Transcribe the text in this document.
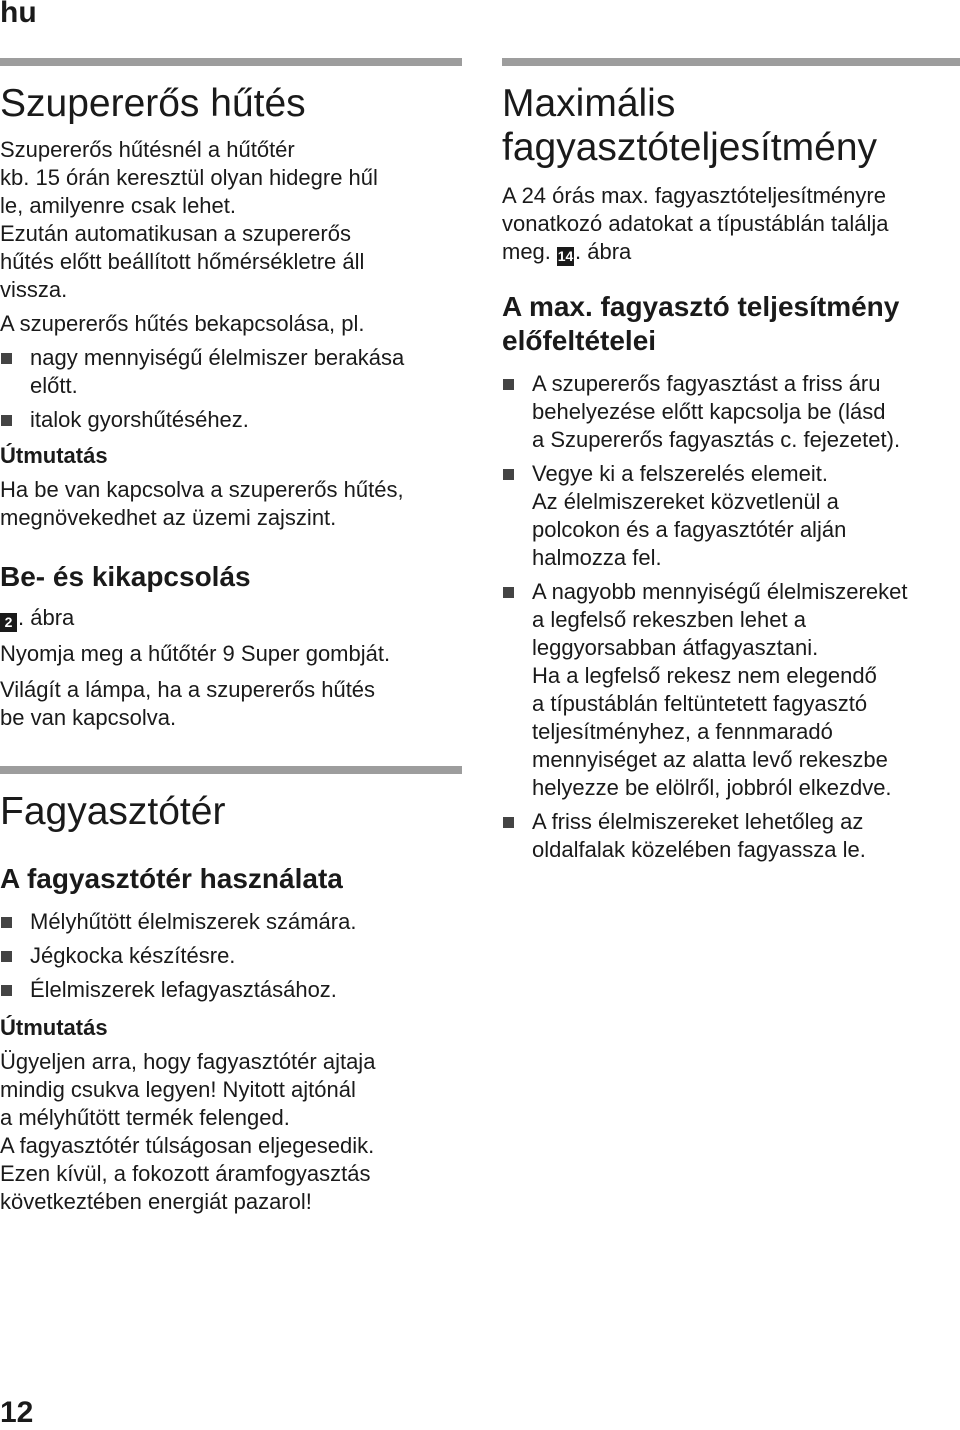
hu
Szupererős hűtés

Szupererős hűtésnél a hűtőtér
kb. 15 órán keresztül olyan hidegre hűl
le, amilyenre csak lehet.
Ezután automatikusan a szupererős
hűtés előtt beállított hőmérsékletre áll
vissza.

A szupererős hűtés bekapcsolása, pl.

nagy mennyiségű élelmiszer berakása
előtt.
italok gyorshűtéséhez.
Útmutatás

Ha be van kapcsolva a szupererős hűtés,
megnövekedhet az üzemi zajszint.

Be- és kikapcsolás

2 . ábra

Nyomja meg a hűtőtér 9 Super gombját.

Világít a lámpa, ha a szupererős hűtés
be van kapcsolva.

Fagyasztótér
A fagyasztótér használata
Mélyhűtött élelmiszerek számára.
Jégkocka készítésre.
Élelmiszerek lefagyasztásához.
Útmutatás

Ügyeljen arra, hogy fagyasztótér ajtaja
mindig csukva legyen! Nyitott ajtónál
a mélyhűtött termék felenged.
A fagyasztótér túlságosan eljegesedik.
Ezen kívül, a fokozott áramfogyasztás
következtében energiát pazarol!

Maximális
fagyasztóteljesítmény

A 24 órás max. fagyasztóteljesítményre
vonatkozó adatokat a típustáblán találja
meg. 14. ábra

A max. fagyasztó teljesítmény
előfeltételei
A szupererős fagyasztást a friss áru
behelyezése előtt kapcsolja be (lásd
a Szupererős fagyasztás c. fejezetet).
Vegye ki a felszerelés elemeit.
Az élelmiszereket közvetlenül a
polcokon és a fagyasztótér alján
halmozza fel.
A nagyobb mennyiségű élelmiszereket
a legfelső rekeszben lehet a
leggyorsabban átfagyasztani.
Ha a legfelső rekesz nem elegendő
a típustáblán feltüntetett fagyasztó
teljesítményhez, a fennmaradó
mennyiséget az alatta levő rekeszbe
helyezze be elölről, jobbról elkezdve.
A friss élelmiszereket lehetőleg az
oldalfalak közelében fagyassza le.
12
